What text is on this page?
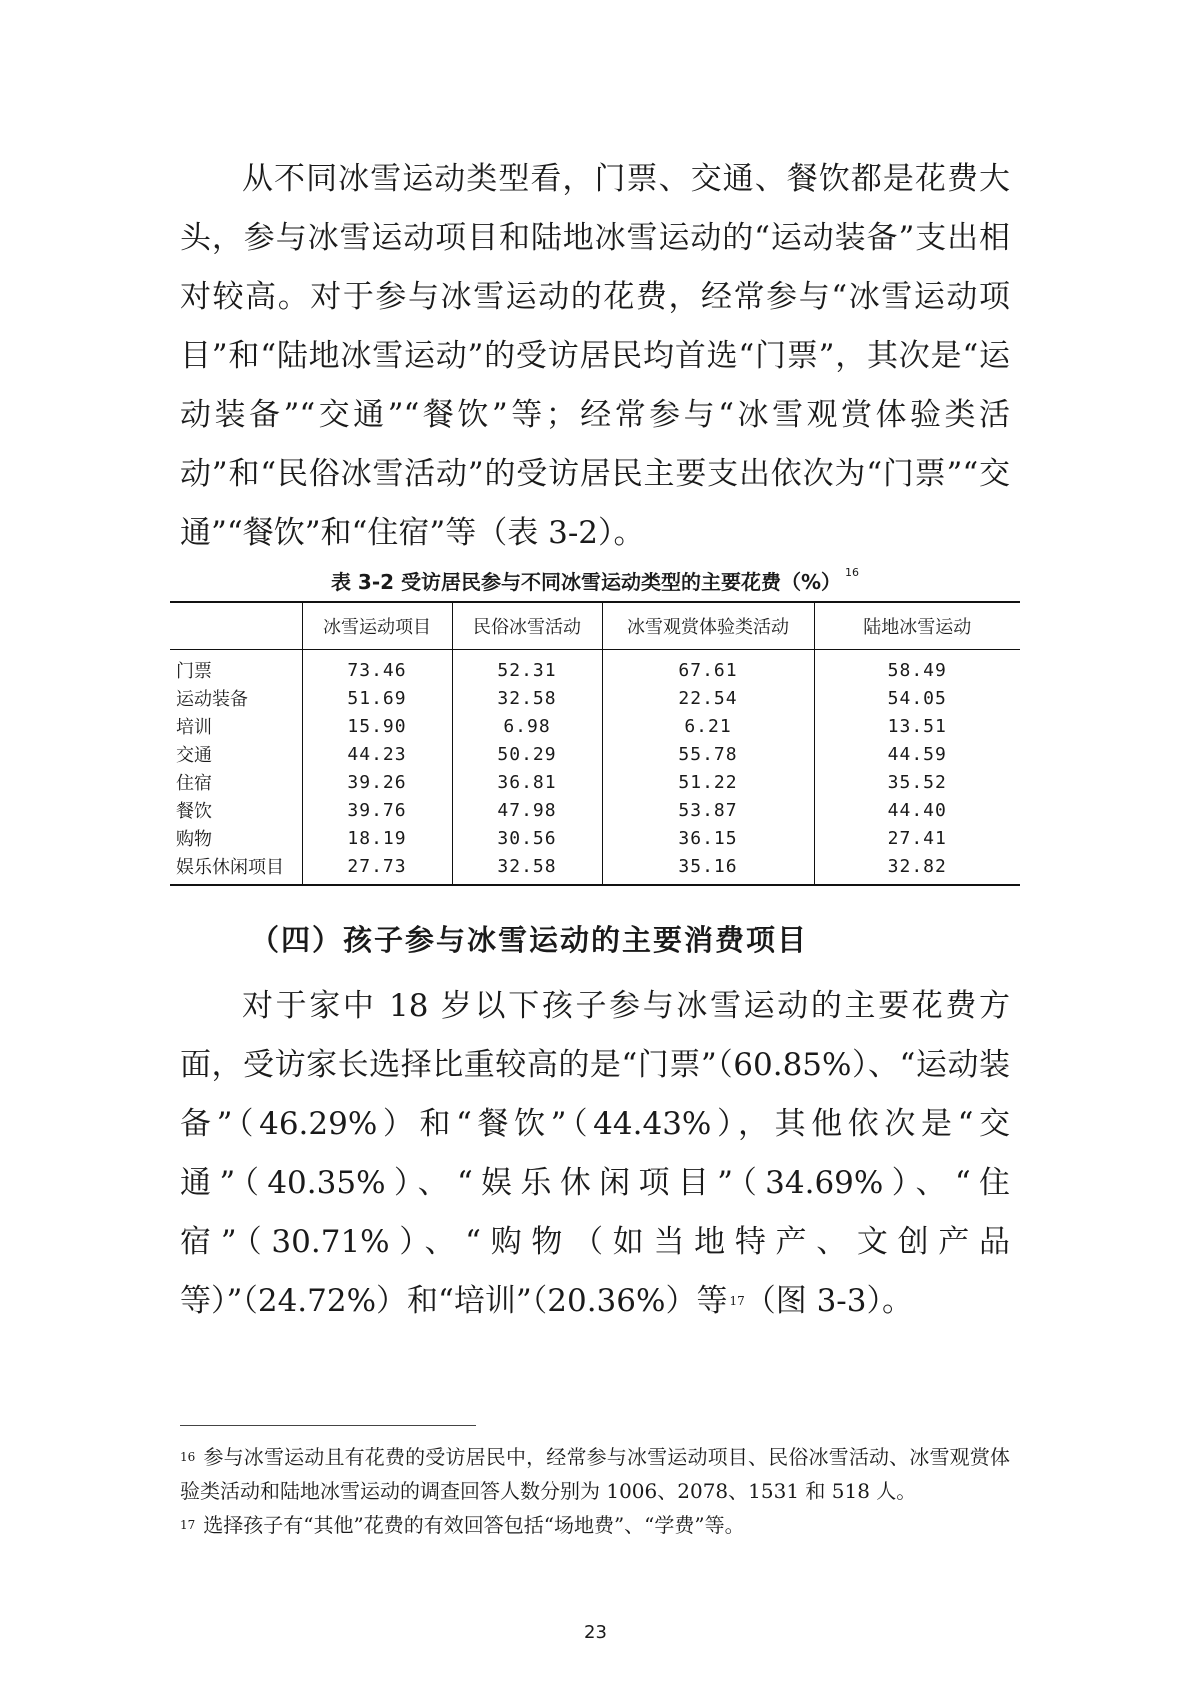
从不同冰雪运动类型看，门票、交通、餐饮都是花费大头，参与冰雪运动项目和陆地冰雪运动的“运动装备”支出相对较高。对于参与冰雪运动的花费，经常参与“冰雪运动项目”和“陆地冰雪运动”的受访居民均首选“门票”，其次是“运动装备”“交通”“餐饮”等；经常参与“冰雪观赏体验类活动”和“民俗冰雪活动”的受访居民主要支出依次为“门票”“交通”“餐饮”和“住宿”等（表 3-2）。

表 3-2 受访居民参与不同冰雪运动类型的主要花费（%） $^{16}$
	冰雪运动项目	民俗冰雪活动	冰雪观赏体验类活动	陆地冰雪运动
门票	73.46	52.31	67.61	58.49
运动装备	51.69	32.58	22.54	54.05
培训	15.90	6.98	6.21	13.51
交通	44.23	50.29	55.78	44.59
住宿	39.26	36.81	51.22	35.52
餐饮	39.76	47.98	53.87	44.40
购物	18.19	30.56	36.15	27.41
娱乐休闲项目	27.73	32.58	35.16	32.82
（四）孩子参与冰雪运动的主要消费项目

对于家中 18 岁以下孩子参与冰雪运动的主要花费方面，受访家长选择比重较高的是“门票”（60.85%）、“运动装备”（46.29%）和“餐饮”（44.43%），其他依次是“交通”（40.35%）、“娱乐休闲项目”（34.69%）、“住宿”（30.71%）、“购物（如当地特产、文创产品等）”（24.72%）和“培训”（20.36%）等 $^{17}$（图 3-3）。

$^{16}$ 参与冰雪运动且有花费的受访居民中，经常参与冰雪运动项目、民俗冰雪活动、冰雪观赏体验类活动和陆地冰雪运动的调查回答人数分别为 1006、2078、1531 和 518 人。
$^{17}$ 选择孩子有“其他”花费的有效回答包括“场地费”、“学费”等。
23
